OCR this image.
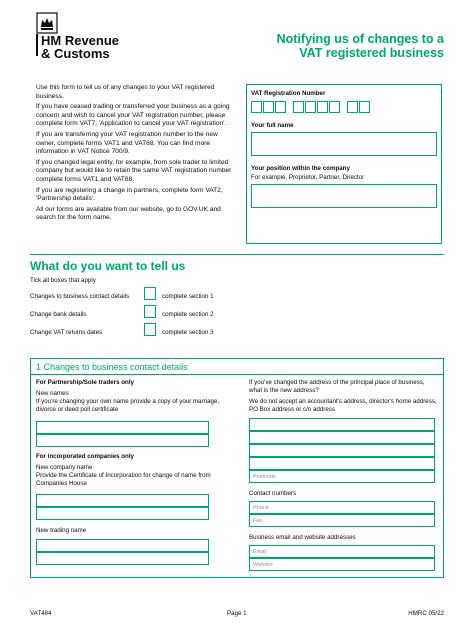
HM Revenue
& Customs
Notifying us of changes to a
VAT registered business
Use this form to tell us of any changes to your VAT registered business.
If you have ceased trading or transferred your business as a going concern and wish to cancel your VAT registration number, please complete form VAT7, 'Application to cancel your VAT registration'.
If you are transferring your VAT registration number to the new owner, complete forms VAT1 and VAT68. You can find more information in VAT Notice 700/9.
If you changed legal entity, for example, from sole trader to limited company but would like to retain the same VAT registration number complete forms VAT1 and VAT68.
If you are registering a change in partners, complete form VAT2, 'Partnership details'.
All our forms are available from our website, go to GOV.UK and search for the form name.
VAT Registration Number
Your full name
Your position within the company
For example, Proprietor, Partner, Director
What do you want to tell us
Tick all boxes that apply
Changes to business contact details	complete section 1
Change bank details	complete section 2
Change VAT returns dates	complete section 3
1 Changes to business contact details
For Partnership/Sole traders only
New names
If you're changing your own name provide a copy of your marriage, divorce or deed poll certificate
For incorporated companies only
New company name
Provide the Certificate of Incorporation for change of name from Companies House
New trading name
If you've changed the address of the principal place of business, what is the new address?
We do not accept an accountant's address, director's home address, PO Box address or c/o address
Postcode
Contact numbers
Phone
Fax
Business email and website addresses
Email
Website
VAT484	Page 1	HMRC 05/22
